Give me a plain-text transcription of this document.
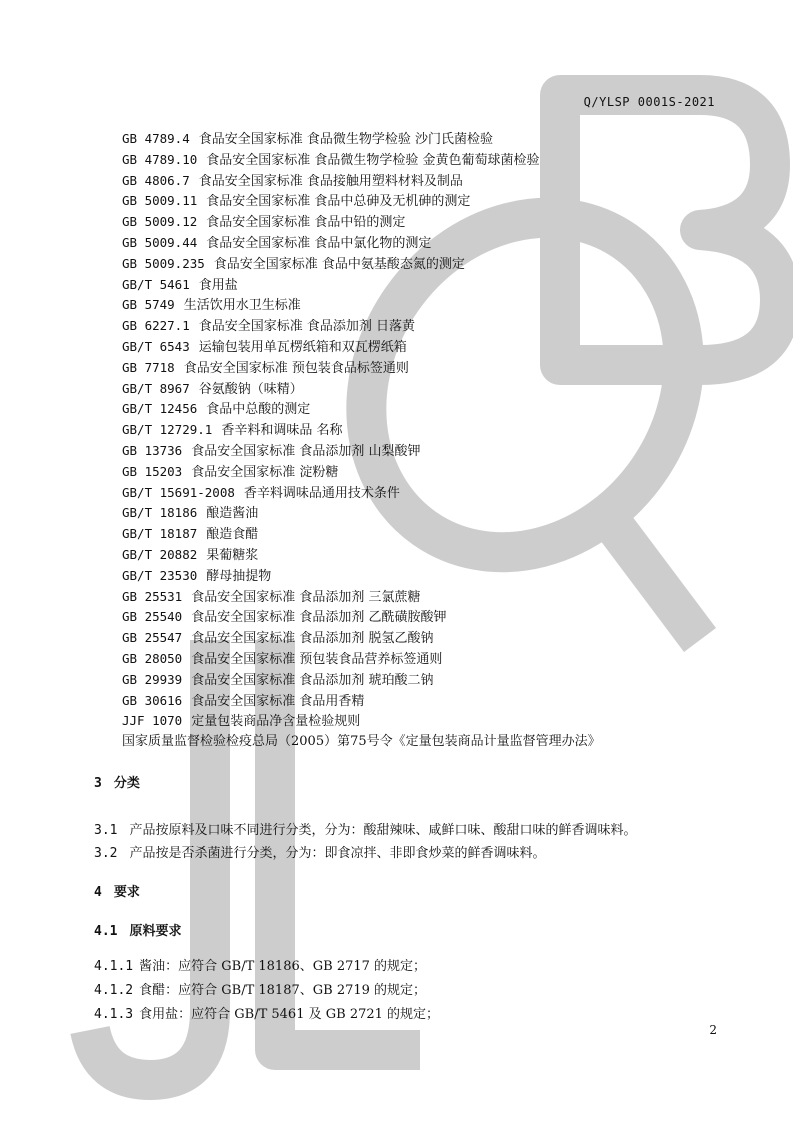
Q/YLSP 0001S-2021
GB 4789.4 食品安全国家标准 食品微生物学检验 沙门氏菌检验
GB 4789.10 食品安全国家标准 食品微生物学检验 金黄色葡萄球菌检验
GB 4806.7 食品安全国家标准 食品接触用塑料材料及制品
GB 5009.11 食品安全国家标准 食品中总砷及无机砷的测定
GB 5009.12 食品安全国家标准 食品中铅的测定
GB 5009.44 食品安全国家标准 食品中氯化物的测定
GB 5009.235 食品安全国家标准 食品中氨基酸态氮的测定
GB/T 5461 食用盐
GB 5749 生活饮用水卫生标准
GB 6227.1 食品安全国家标准 食品添加剂 日落黄
GB/T 6543 运输包装用单瓦楞纸箱和双瓦楞纸箱
GB 7718 食品安全国家标准 预包装食品标签通则
GB/T 8967 谷氨酸钠（味精）
GB/T 12456 食品中总酸的测定
GB/T 12729.1 香辛料和调味品 名称
GB 13736 食品安全国家标准 食品添加剂 山梨酸钾
GB 15203 食品安全国家标准 淀粉糖
GB/T 15691-2008 香辛料调味品通用技术条件
GB/T 18186 酿造酱油
GB/T 18187 酿造食醋
GB/T 20882 果葡糖浆
GB/T 23530 酵母抽提物
GB 25531 食品安全国家标准 食品添加剂 三氯蔗糖
GB 25540 食品安全国家标准 食品添加剂 乙酰磺胺酸钾
GB 25547 食品安全国家标准 食品添加剂 脱氢乙酸钠
GB 28050 食品安全国家标准 预包装食品营养标签通则
GB 29939 食品安全国家标准 食品添加剂 琥珀酸二钠
GB 30616 食品安全国家标准 食品用香精
JJF 1070 定量包装商品净含量检验规则
国家质量监督检验检疫总局（2005）第75号令《定量包装商品计量监督管理办法》
3 分类
3.1 产品按原料及口味不同进行分类，分为：酸甜辣味、咸鲜口味、酸甜口味的鲜香调味料。
3.2 产品按是否杀菌进行分类，分为：即食凉拌、非即食炒菜的鲜香调味料。
4 要求
4.1 原料要求
4.1.1 酱油：应符合 GB/T 18186、GB 2717 的规定；
4.1.2 食醋：应符合 GB/T 18187、GB 2719 的规定；
4.1.3 食用盐：应符合 GB/T 5461 及 GB 2721 的规定；
2
